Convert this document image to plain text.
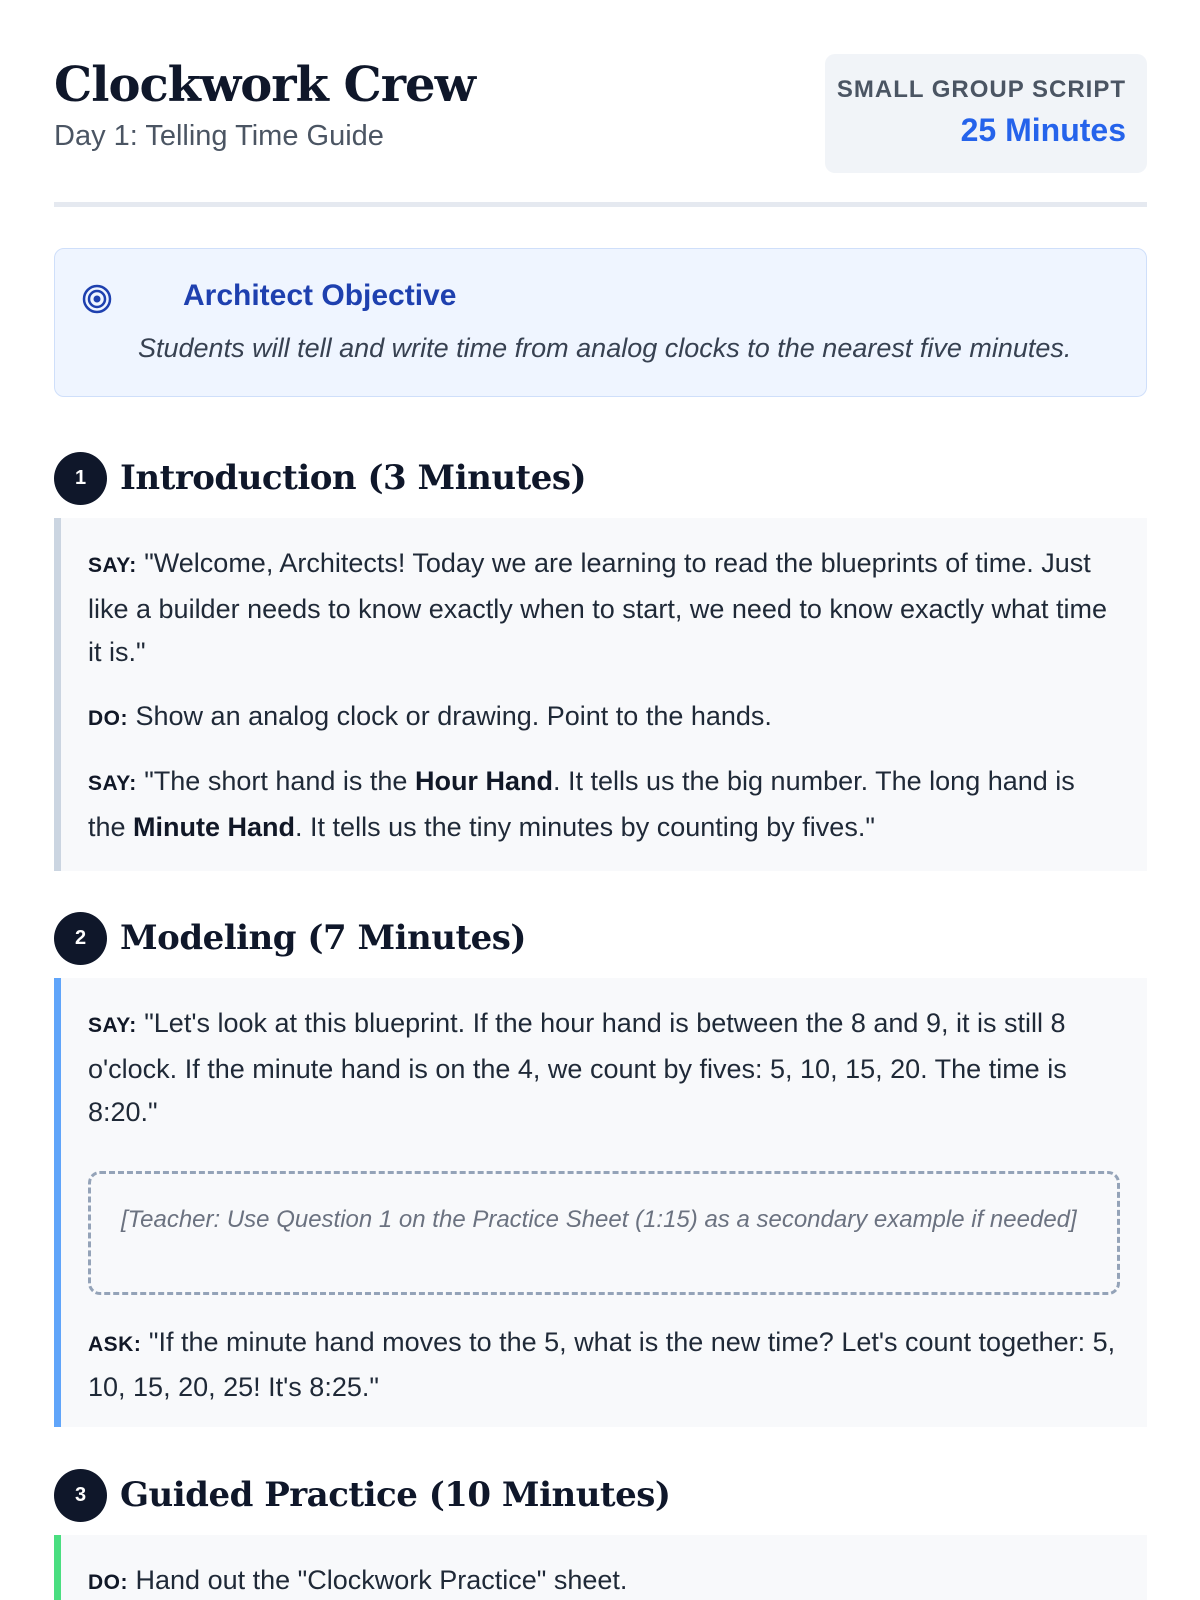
Clockwork Crew
Day 1: Telling Time Guide
SMALL GROUP SCRIPT
25 Minutes
Architect Objective
Students will tell and write time from analog clocks to the nearest five minutes.
1 Introduction (3 Minutes)

SAY: "Welcome, Architects! Today we are learning to read the blueprints of time. Just like a builder needs to know exactly when to start, we need to know exactly what time it is."

DO: Show an analog clock or drawing. Point to the hands.

SAY: "The short hand is the Hour Hand. It tells us the big number. The long hand is the Minute Hand. It tells us the tiny minutes by counting by fives."

2 Modeling (7 Minutes)

SAY: "Let's look at this blueprint. If the hour hand is between the 8 and 9, it is still 8 o'clock. If the minute hand is on the 4, we count by fives: 5, 10, 15, 20. The time is 8:20."

[Teacher: Use Question 1 on the Practice Sheet (1:15) as a secondary example if needed]

ASK: "If the minute hand moves to the 5, what is the new time? Let's count together: 5, 10, 15, 20, 25! It's 8:25."

3 Guided Practice (10 Minutes)

DO: Hand out the "Clockwork Practice" sheet.
